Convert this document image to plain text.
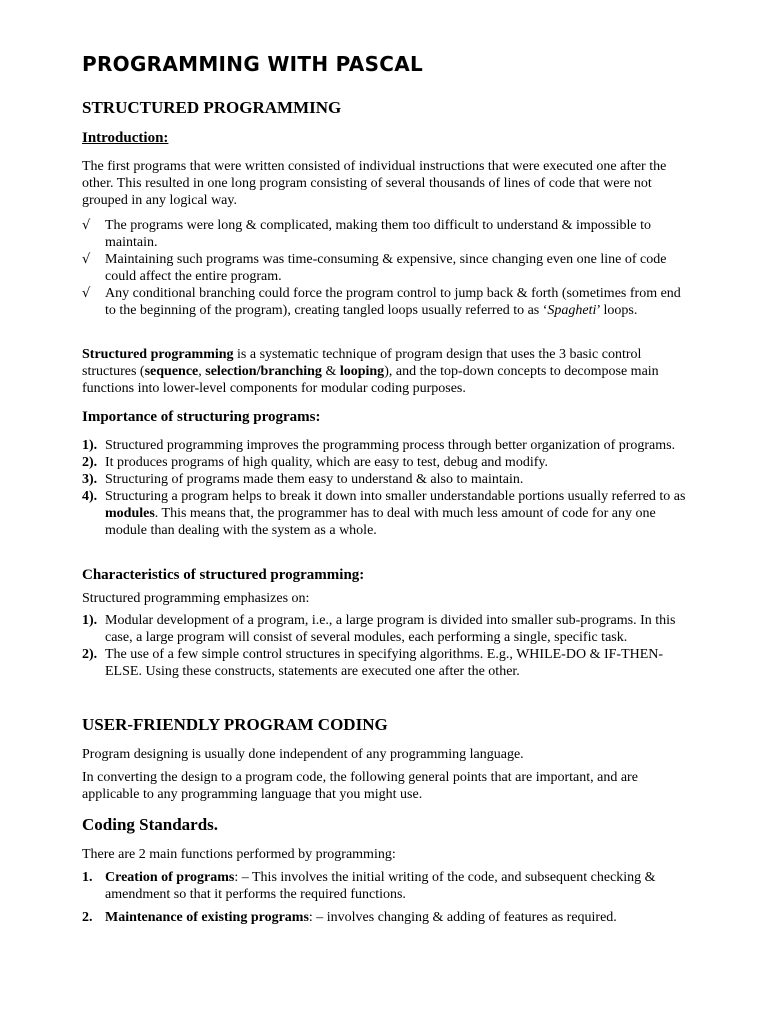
PROGRAMMING WITH PASCAL
STRUCTURED PROGRAMMING
Introduction:

The first programs that were written consisted of individual instructions that were executed one after the other. This resulted in one long program consisting of several thousands of lines of code that were not grouped in any logical way.

√ The programs were long & complicated, making them too difficult to understand & impossible to maintain.
√ Maintaining such programs was time-consuming & expensive, since changing even one line of code could affect the entire program.
√ Any conditional branching could force the program control to jump back & forth (sometimes from end to the beginning of the program), creating tangled loops usually referred to as ‘Spagheti’ loops.

Structured programming is a systematic technique of program design that uses the 3 basic control structures (sequence, selection/branching & looping), and the top-down concepts to decompose main functions into lower-level components for modular coding purposes.

Importance of structuring programs:
1). Structured programming improves the programming process through better organization of programs.
2). It produces programs of high quality, which are easy to test, debug and modify.
3). Structuring of programs made them easy to understand & also to maintain.
4). Structuring a program helps to break it down into smaller understandable portions usually referred to as modules. This means that, the programmer has to deal with much less amount of code for any one module than dealing with the system as a whole.
Characteristics of structured programming:

Structured programming emphasizes on:

1). Modular development of a program, i.e., a large program is divided into smaller sub-programs. In this case, a large program will consist of several modules, each performing a single, specific task.
2). The use of a few simple control structures in specifying algorithms. E.g., WHILE-DO & IF-THEN-ELSE. Using these constructs, statements are executed one after the other.
USER-FRIENDLY PROGRAM CODING

Program designing is usually done independent of any programming language.

In converting the design to a program code, the following general points that are important, and are applicable to any programming language that you might use.

Coding Standards.

There are 2 main functions performed by programming:

1. Creation of programs: – This involves the initial writing of the code, and subsequent checking & amendment so that it performs the required functions.
2. Maintenance of existing programs: – involves changing & adding of features as required.
